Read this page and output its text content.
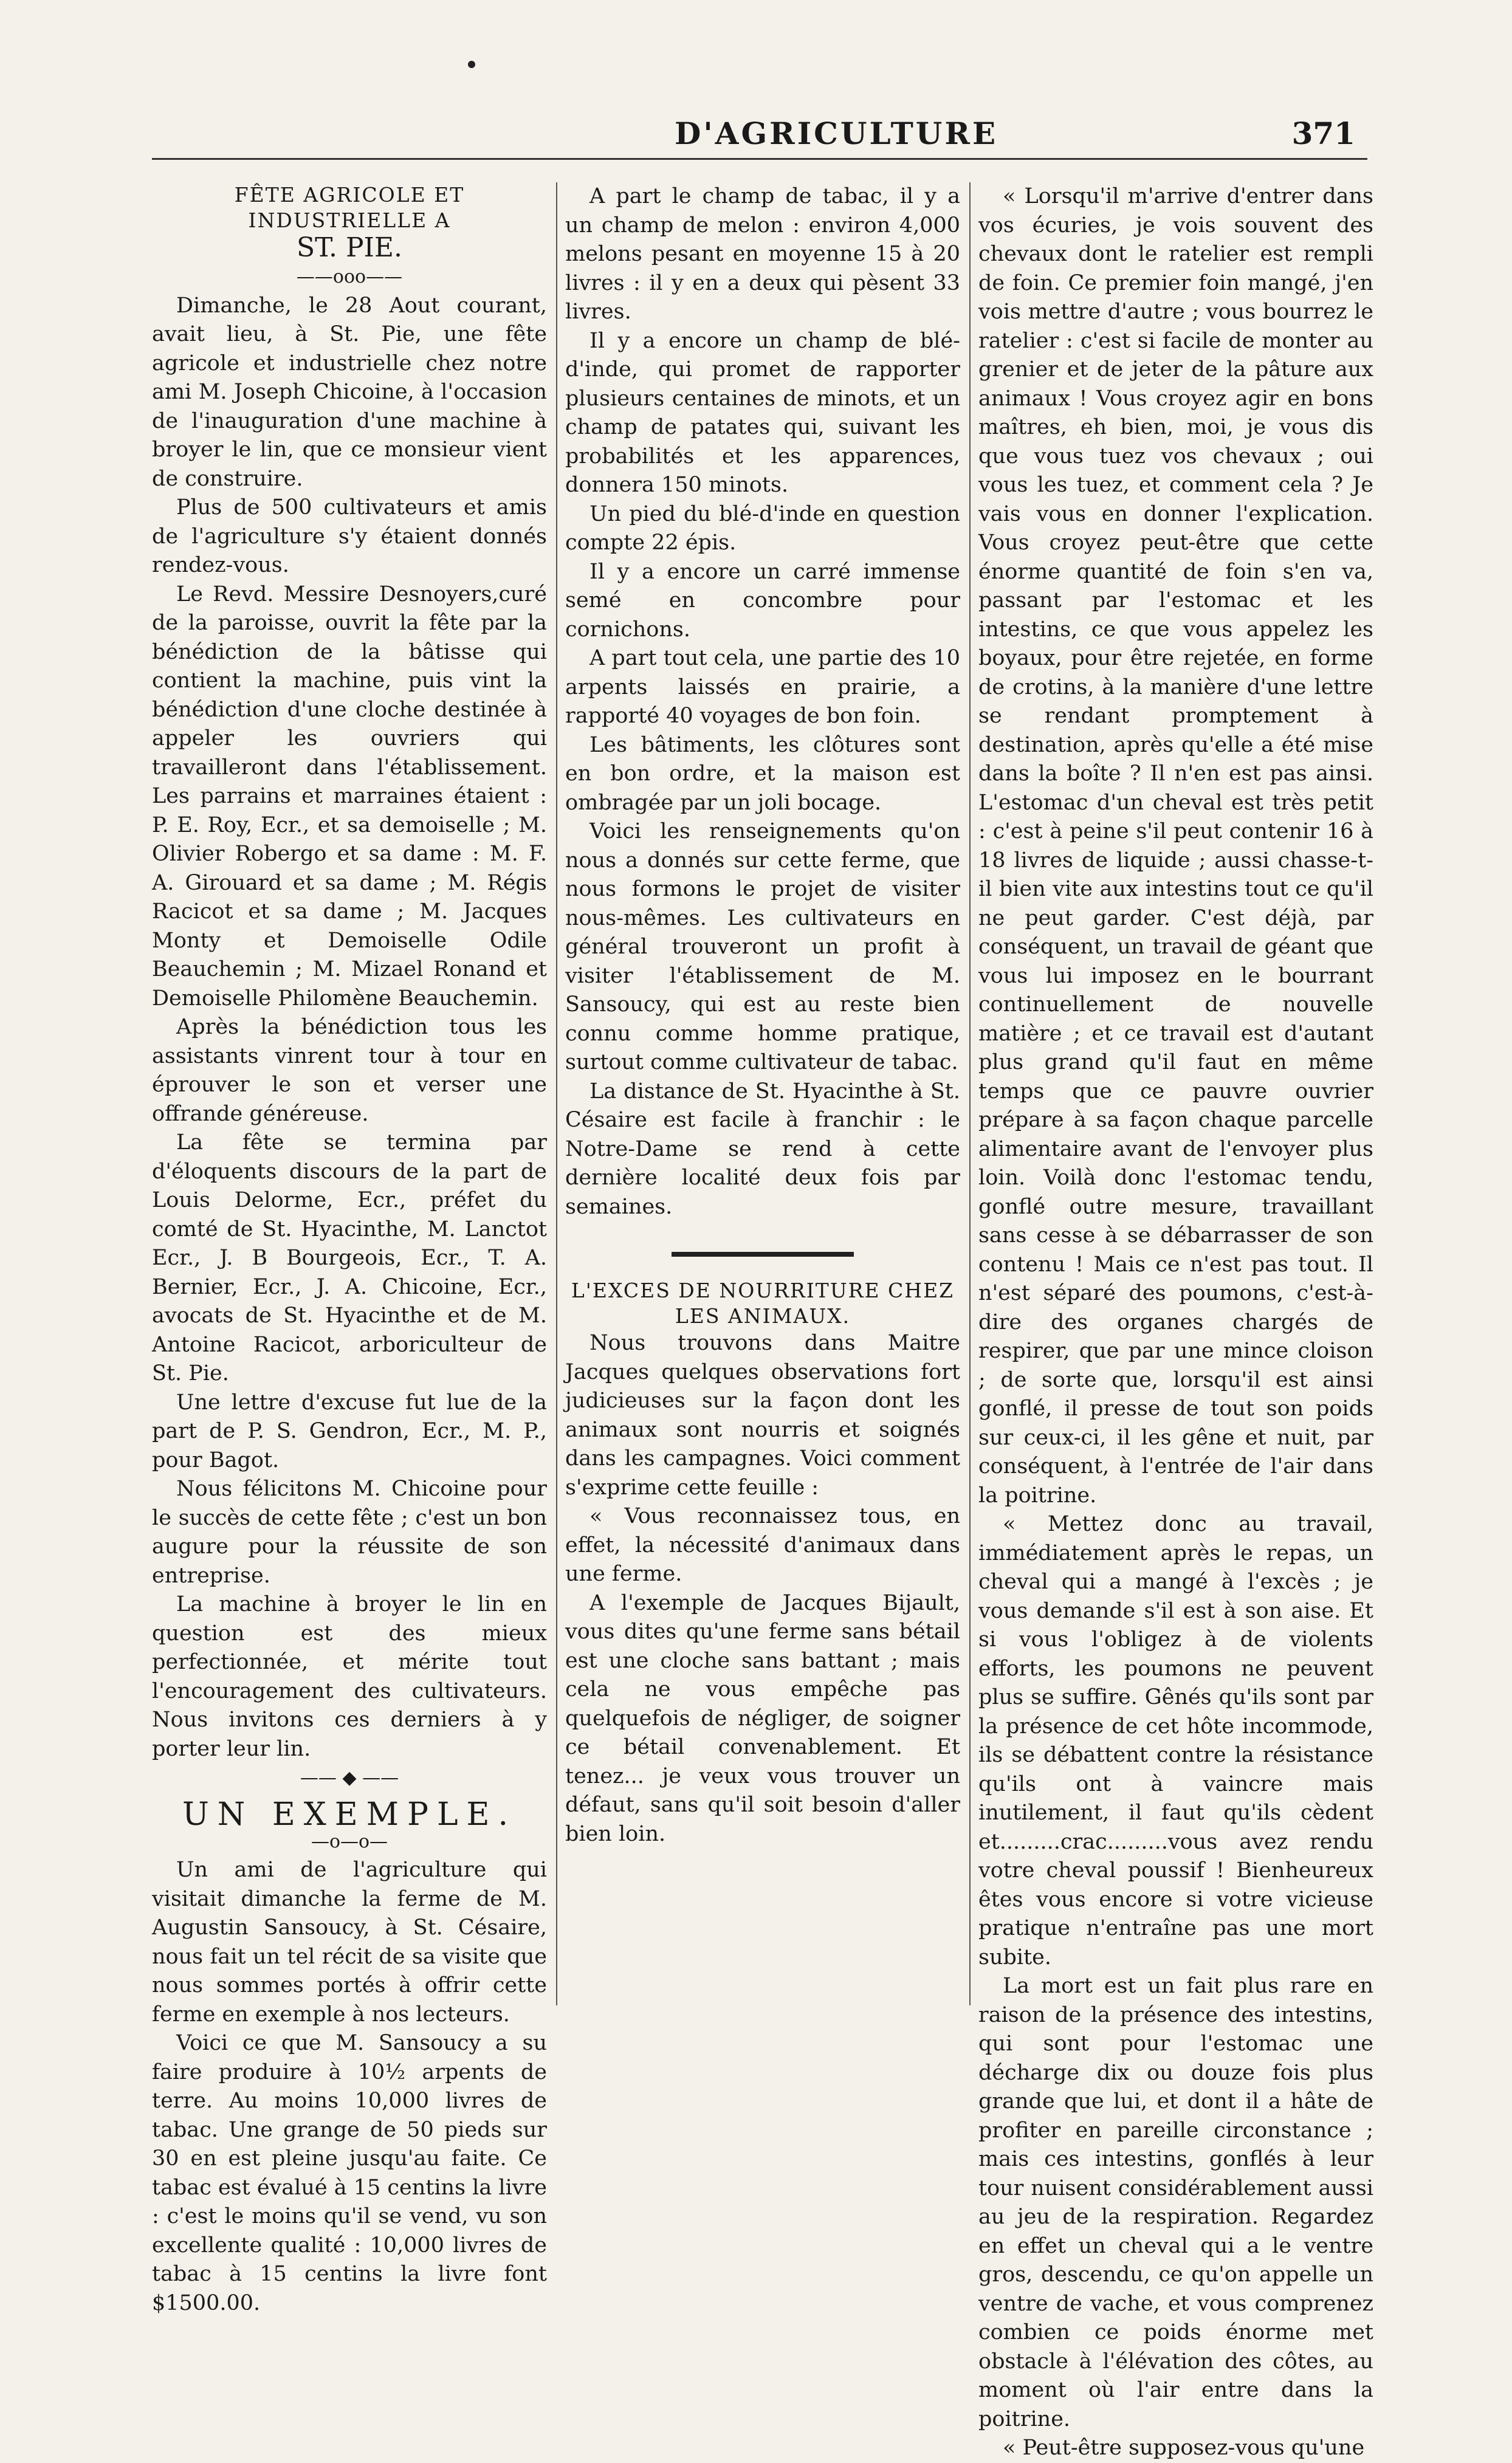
D'AGRICULTURE	371

FÊTE AGRICOLE ET INDUSTRIELLE A

ST. PIE.

——ooo——

Dimanche, le 28 Aout courant, avait lieu, à St. Pie, une fête agricole et industrielle chez notre ami M. Joseph Chicoine, à l'occasion de l'inauguration d'une machine à broyer le lin, que ce monsieur vient de construire.

Plus de 500 cultivateurs et amis de l'agriculture s'y étaient donnés rendez-vous.

Le Revd. Messire Desnoyers,curé de la paroisse, ouvrit la fête par la bénédiction de la bâtisse qui contient la machine, puis vint la bénédiction d'une cloche destinée à appeler les ouvriers qui travailleront dans l'établissement. Les parrains et marraines étaient : P. E. Roy, Ecr., et sa demoiselle ; M. Olivier Robergo et sa dame : M. F. A. Girouard et sa dame ; M. Régis Racicot et sa dame ; M. Jacques Monty et Demoiselle Odile Beauchemin ; M. Mizael Ronand et Demoiselle Philomène Beauchemin.

Après la bénédiction tous les assistants vinrent tour à tour en éprouver le son et verser une offrande généreuse.

La fête se termina par d'éloquents discours de la part de Louis Delorme, Ecr., préfet du comté de St. Hyacinthe, M. Lanctot Ecr., J. B Bourgeois, Ecr., T. A. Bernier, Ecr., J. A. Chicoine, Ecr., avocats de St. Hyacinthe et de M. Antoine Racicot, arboriculteur de St. Pie.

Une lettre d'excuse fut lue de la part de P. S. Gendron, Ecr., M. P., pour Bagot.

Nous félicitons M. Chicoine pour le succès de cette fête ; c'est un bon augure pour la réussite de son entreprise.

La machine à broyer le lin en question est des mieux perfectionnée, et mérite tout l'encouragement des cultivateurs. Nous invitons ces derniers à y porter leur lin.

—— ◆ ——

UN EXEMPLE.

—o—o—

Un ami de l'agriculture qui visitait dimanche la ferme de M. Augustin Sansoucy, à St. Césaire, nous fait un tel récit de sa visite que nous sommes portés à offrir cette ferme en exemple à nos lecteurs.

Voici ce que M. Sansoucy a su faire produire à 10½ arpents de terre. Au moins 10,000 livres de tabac. Une grange de 50 pieds sur 30 en est pleine jusqu'au faite. Ce tabac est évalué à 15 centins la livre : c'est le moins qu'il se vend, vu son excellente qualité : 10,000 livres de tabac à 15 centins la livre font $1500.00.

A part le champ de tabac, il y a un champ de melon : environ 4,000 melons pesant en moyenne 15 à 20 livres : il y en a deux qui pèsent 33 livres.

Il y a encore un champ de blé-d'inde, qui promet de rapporter plusieurs centaines de minots, et un champ de patates qui, suivant les probabilités et les apparences, donnera 150 minots.

Un pied du blé-d'inde en question compte 22 épis.

Il y a encore un carré immense semé en concombre pour cornichons.

A part tout cela, une partie des 10 arpents laissés en prairie, a rapporté 40 voyages de bon foin.

Les bâtiments, les clôtures sont en bon ordre, et la maison est ombragée par un joli bocage.

Voici les renseignements qu'on nous a donnés sur cette ferme, que nous formons le projet de visiter nous-mêmes. Les cultivateurs en général trouveront un profit à visiter l'établissement de M. Sansoucy, qui est au reste bien connu comme homme pratique, surtout comme cultivateur de tabac.

La distance de St. Hyacinthe à St. Césaire est facile à franchir : le Notre-Dame se rend à cette dernière localité deux fois par semaines.

L'EXCES DE NOURRITURE CHEZ LES ANIMAUX.

Nous trouvons dans Maitre Jacques quelques observations fort judicieuses sur la façon dont les animaux sont nourris et soignés dans les campagnes. Voici comment s'exprime cette feuille :

« Vous reconnaissez tous, en effet, la nécessité d'animaux dans une ferme.

A l'exemple de Jacques Bijault, vous dites qu'une ferme sans bétail est une cloche sans battant ; mais cela ne vous empêche pas quelquefois de négliger, de soigner ce bétail convenablement. Et tenez... je veux vous trouver un défaut, sans qu'il soit besoin d'aller bien loin.

« Lorsqu'il m'arrive d'entrer dans vos écuries, je vois souvent des chevaux dont le ratelier est rempli de foin. Ce premier foin mangé, j'en vois mettre d'autre ; vous bourrez le ratelier : c'est si facile de monter au grenier et de jeter de la pâture aux animaux ! Vous croyez agir en bons maîtres, eh bien, moi, je vous dis que vous tuez vos chevaux ; oui vous les tuez, et comment cela ? Je vais vous en donner l'explication. Vous croyez peut-être que cette énorme quantité de foin s'en va, passant par l'estomac et les intestins, ce que vous appelez les boyaux, pour être rejetée, en forme de crotins, à la manière d'une lettre se rendant promptement à destination, après qu'elle a été mise dans la boîte ? Il n'en est pas ainsi. L'estomac d'un cheval est très petit : c'est à peine s'il peut contenir 16 à 18 livres de liquide ; aussi chasse-t-il bien vite aux intestins tout ce qu'il ne peut garder. C'est déjà, par conséquent, un travail de géant que vous lui imposez en le bourrant continuellement de nouvelle matière ; et ce travail est d'autant plus grand qu'il faut en même temps que ce pauvre ouvrier prépare à sa façon chaque parcelle alimentaire avant de l'envoyer plus loin. Voilà donc l'estomac tendu, gonflé outre mesure, travaillant sans cesse à se débarrasser de son contenu ! Mais ce n'est pas tout. Il n'est séparé des poumons, c'est-à-dire des organes chargés de respirer, que par une mince cloison ; de sorte que, lorsqu'il est ainsi gonflé, il presse de tout son poids sur ceux-ci, il les gêne et nuit, par conséquent, à l'entrée de l'air dans la poitrine.

« Mettez donc au travail, immédiatement après le repas, un cheval qui a mangé à l'excès ; je vous demande s'il est à son aise. Et si vous l'obligez à de violents efforts, les poumons ne peuvent plus se suffire. Gênés qu'ils sont par la présence de cet hôte incommode, ils se débattent contre la résistance qu'ils ont à vaincre mais inutilement, il faut qu'ils cèdent et.........crac.........vous avez rendu votre cheval poussif ! Bienheureux êtes vous encore si votre vicieuse pratique n'entraîne pas une mort subite.

La mort est un fait plus rare en raison de la présence des intestins, qui sont pour l'estomac une décharge dix ou douze fois plus grande que lui, et dont il a hâte de profiter en pareille circonstance ; mais ces intestins, gonflés à leur tour nuisent considérablement aussi au jeu de la respiration. Regardez en effet un cheval qui a le ventre gros, descendu, ce qu'on appelle un ventre de vache, et vous comprenez combien ce poids énorme met obstacle à l'élévation des côtes, au moment où l'air entre dans la poitrine.

« Peut-être supposez-vous qu'une
